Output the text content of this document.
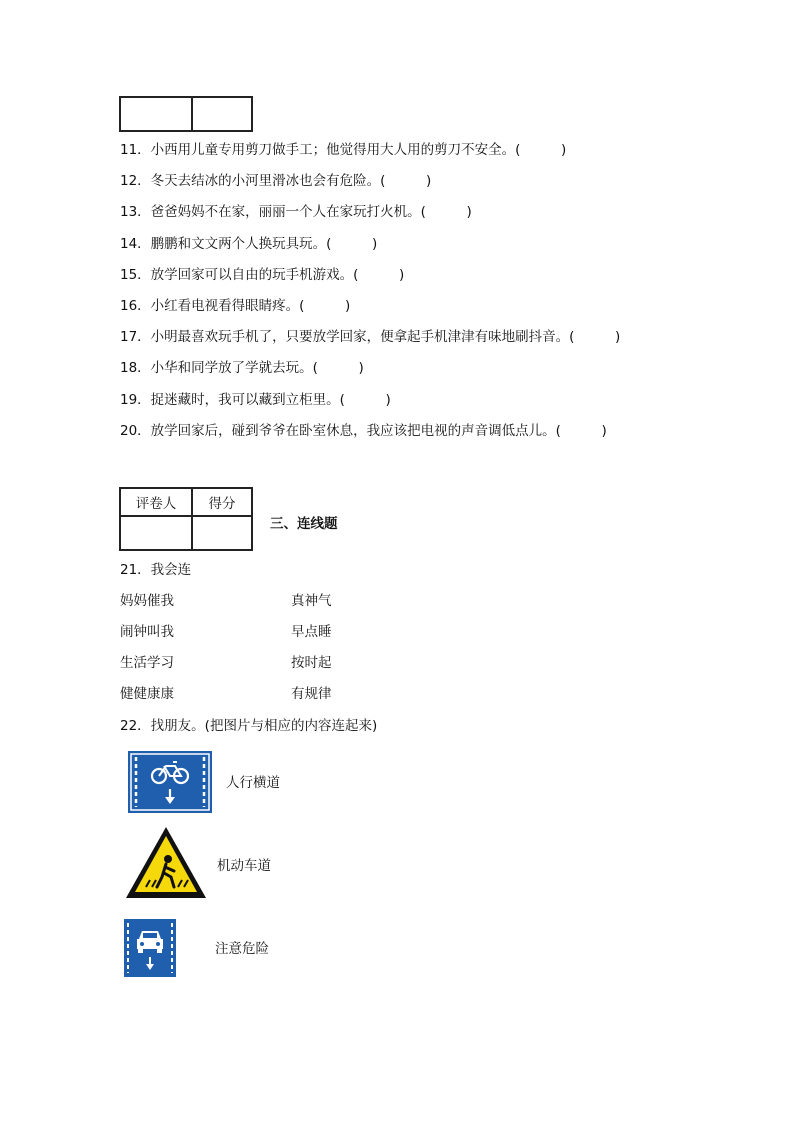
11．小西用儿童专用剪刀做手工；他觉得用大人用的剪刀不安全。(　　　)
12．冬天去结冰的小河里滑冰也会有危险。(　　　)
13．爸爸妈妈不在家，丽丽一个人在家玩打火机。(　　　)
14．鹏鹏和文文两个人换玩具玩。(　　　)
15．放学回家可以自由的玩手机游戏。(　　　)
16．小红看电视看得眼睛疼。(　　　)
17．小明最喜欢玩手机了，只要放学回家，便拿起手机津津有味地刷抖音。(　　　)
18．小华和同学放了学就去玩。(　　　)
19．捉迷藏时，我可以藏到立柜里。(　　　)
20．放学回家后，碰到爷爷在卧室休息，我应该把电视的声音调低点儿。(　　　)
评卷人	得分

三、连线题
21．我会连
妈妈催我
闹钟叫我
生活学习
健健康康
真神气
早点睡
按时起
有规律
22．找朋友。(把图片与相应的内容连起来)
人行横道
机动车道
注意危险
